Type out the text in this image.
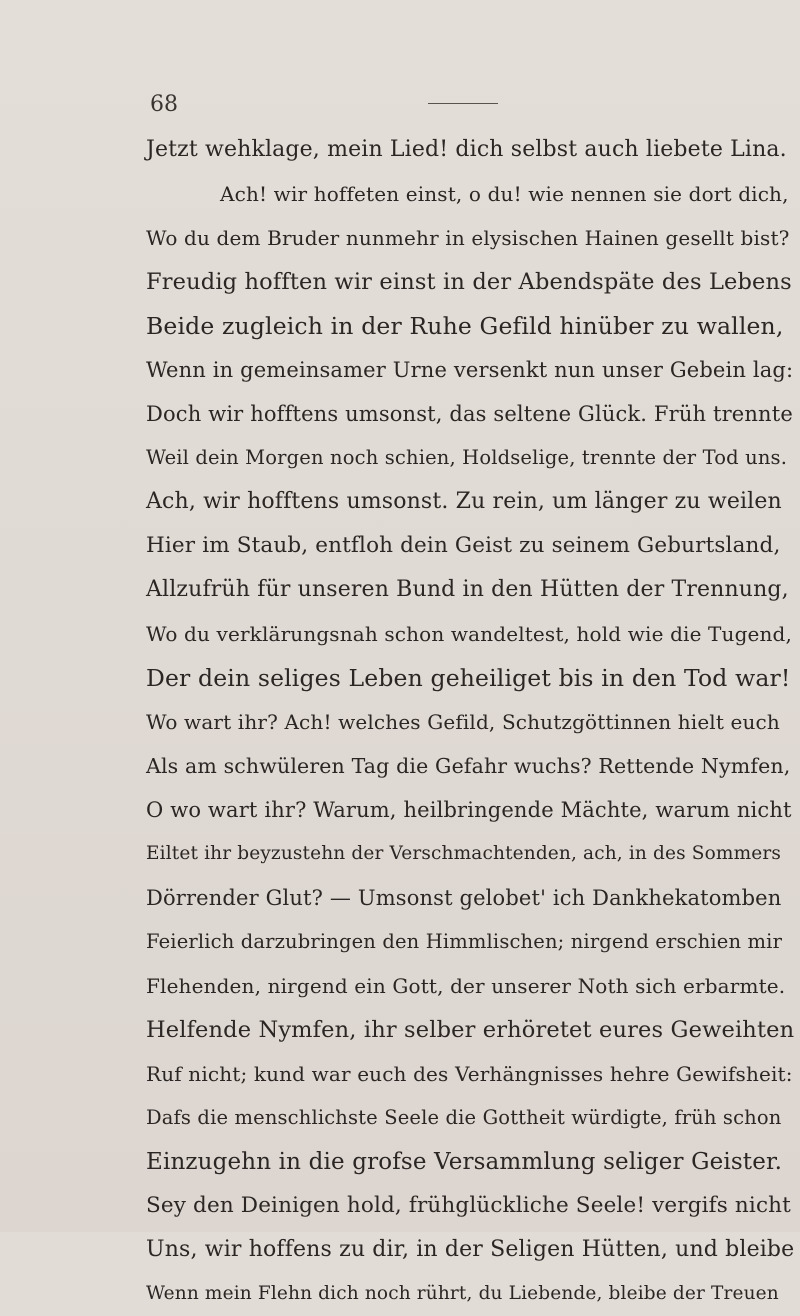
68
Jetzt wehklage, mein Lied! dich selbst auch liebete Lina.
Ach! wir hoffeten einst, o du! wie nennen sie dort dich,
Wo du dem Bruder nunmehr in elysischen Hainen gesellt bist?
Freudig hofften wir einst in der Abendspäte des Lebens
Beide zugleich in der Ruhe Gefild hinüber zu wallen,
Wenn in gemeinsamer Urne versenkt nun unser Gebein lag:
Doch wir hofftens umsonst, das seltene Glück. Früh trennte
Weil dein Morgen noch schien, Holdselige, trennte der Tod uns.
Ach, wir hofftens umsonst. Zu rein, um länger zu weilen
Hier im Staub, entfloh dein Geist zu seinem Geburtsland,
Allzufrüh für unseren Bund in den Hütten der Trennung,
Wo du verklärungsnah schon wandeltest, hold wie die Tugend,
Der dein seliges Leben geheiliget bis in den Tod war!
Wo wart ihr? Ach! welches Gefild, Schutzgöttinnen hielt euch
Als am schwüleren Tag die Gefahr wuchs? Rettende Nymfen,
O wo wart ihr? Warum, heilbringende Mächte, warum nicht
Eiltet ihr beyzustehn der Verschmachtenden, ach, in des Sommers
Dörrender Glut? — Umsonst gelobet' ich Dankhekatomben
Feierlich darzubringen den Himmlischen; nirgend erschien mir
Flehenden, nirgend ein Gott, der unserer Noth sich erbarmte.
Helfende Nymfen, ihr selber erhöretet eures Geweihten
Ruf nicht; kund war euch des Verhängnisses hehre Gewifsheit:
Dafs die menschlichste Seele die Gottheit würdigte, früh schon
Einzugehn in die grofse Versammlung seliger Geister.
Sey den Deinigen hold, frühglückliche Seele! vergifs nicht
Uns, wir hoffens zu dir, in der Seligen Hütten, und bleibe
Wenn mein Flehn dich noch rührt, du Liebende, bleibe der Treuen
